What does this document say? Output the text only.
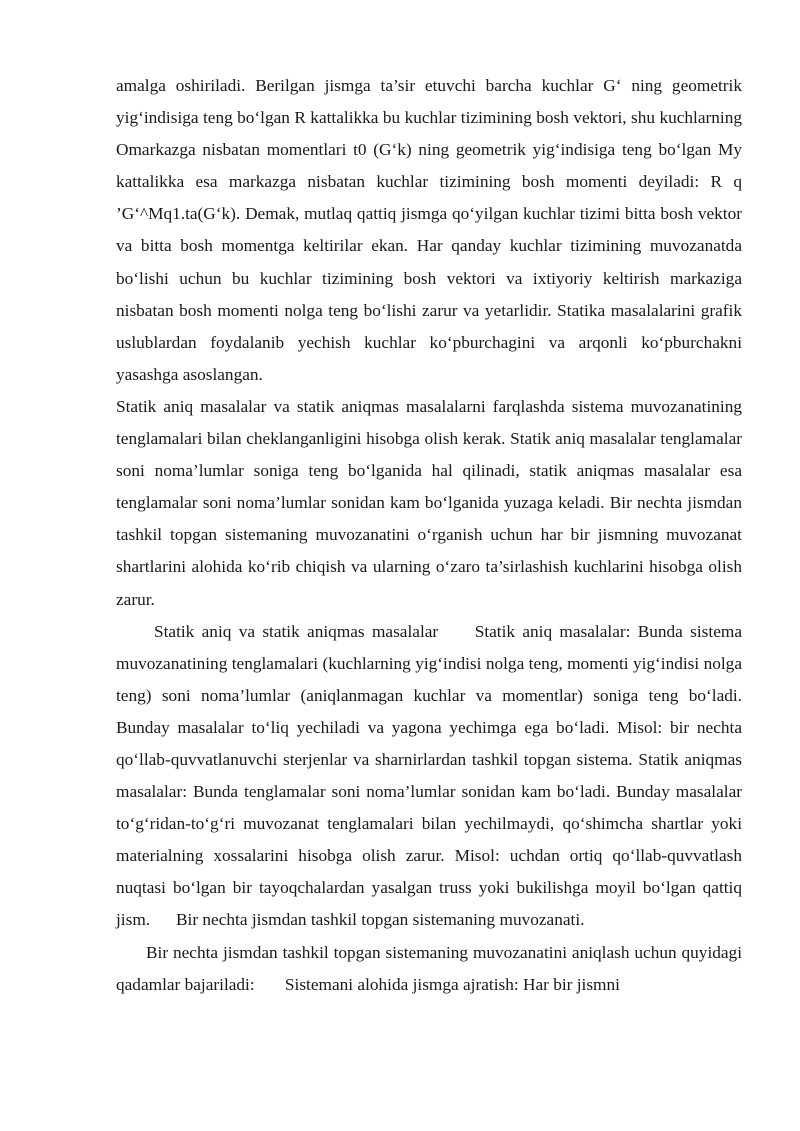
amalga oshiriladi. Berilgan jismga ta’sir etuvchi barcha kuchlar G‘ ning geometrik yig‘indisiga teng bo‘lgan R kattalikka bu kuchlar tizimining bosh vektori, shu kuchlarning Omarkazga nisbatan momentlari t0 (G‘k) ning geometrik yig‘indisiga teng bo‘lgan My kattalikka esa markazga nisbatan kuchlar tizimining bosh momenti deyiladi: R q ’G‘^Mq1.ta(G‘k). Demak, mutlaq qattiq jismga qo‘yilgan kuchlar tizimi bitta bosh vektor va bitta bosh momentga keltirilar ekan. Har qanday kuchlar tizimining muvozanatda bo‘lishi uchun bu kuchlar tizimining bosh vektori va ixtiyoriy keltirish markaziga nisbatan bosh momenti nolga teng bo‘lishi zarur va yetarlidir. Statika masalalarini grafik uslublardan foydalanib yechish kuchlar ko‘pburchagini va arqonli ko‘pburchakni yasashga asoslangan.

Statik aniq masalalar va statik aniqmas masalalarni farqlashda sistema muvozanatining tenglamalari bilan cheklanganligini hisobga olish kerak. Statik aniq masalalar tenglamalar soni noma’lumlar soniga teng bo‘lganida hal qilinadi, statik aniqmas masalalar esa tenglamalar soni noma’lumlar sonidan kam bo‘lganida yuzaga keladi. Bir nechta jismdan tashkil topgan sistemaning muvozanatini o‘rganish uchun har bir jismning muvozanat shartlarini alohida ko‘rib chiqish va ularning o‘zaro ta’sirlashish kuchlarini hisobga olish zarur.

Statik aniq va statik aniqmas masalalar Statik aniq masalalar: Bunda sistema muvozanatining tenglamalari (kuchlarning yig‘indisi nolga teng, momenti yig‘indisi nolga teng) soni noma’lumlar (aniqlanmagan kuchlar va momentlar) soniga teng bo‘ladi. Bunday masalalar to‘liq yechiladi va yagona yechimga ega bo‘ladi. Misol: bir nechta qo‘llab-quvvatlanuvchi sterjenlar va sharnirlardan tashkil topgan sistema. Statik aniqmas masalalar: Bunda tenglamalar soni noma’lumlar sonidan kam bo‘ladi. Bunday masalalar to‘g‘ridan-to‘g‘ri muvozanat tenglamalari bilan yechilmaydi, qo‘shimcha shartlar yoki materialning xossalarini hisobga olish zarur. Misol: uchdan ortiq qo‘llab-quvvatlash nuqtasi bo‘lgan bir tayoqchalardan yasalgan truss yoki bukilishga moyil bo‘lgan qattiq jism. Bir nechta jismdan tashkil topgan sistemaning muvozanati.

Bir nechta jismdan tashkil topgan sistemaning muvozanatini aniqlash uchun quyidagi qadamlar bajariladi: Sistemani alohida jismga ajratish: Har bir jismni
